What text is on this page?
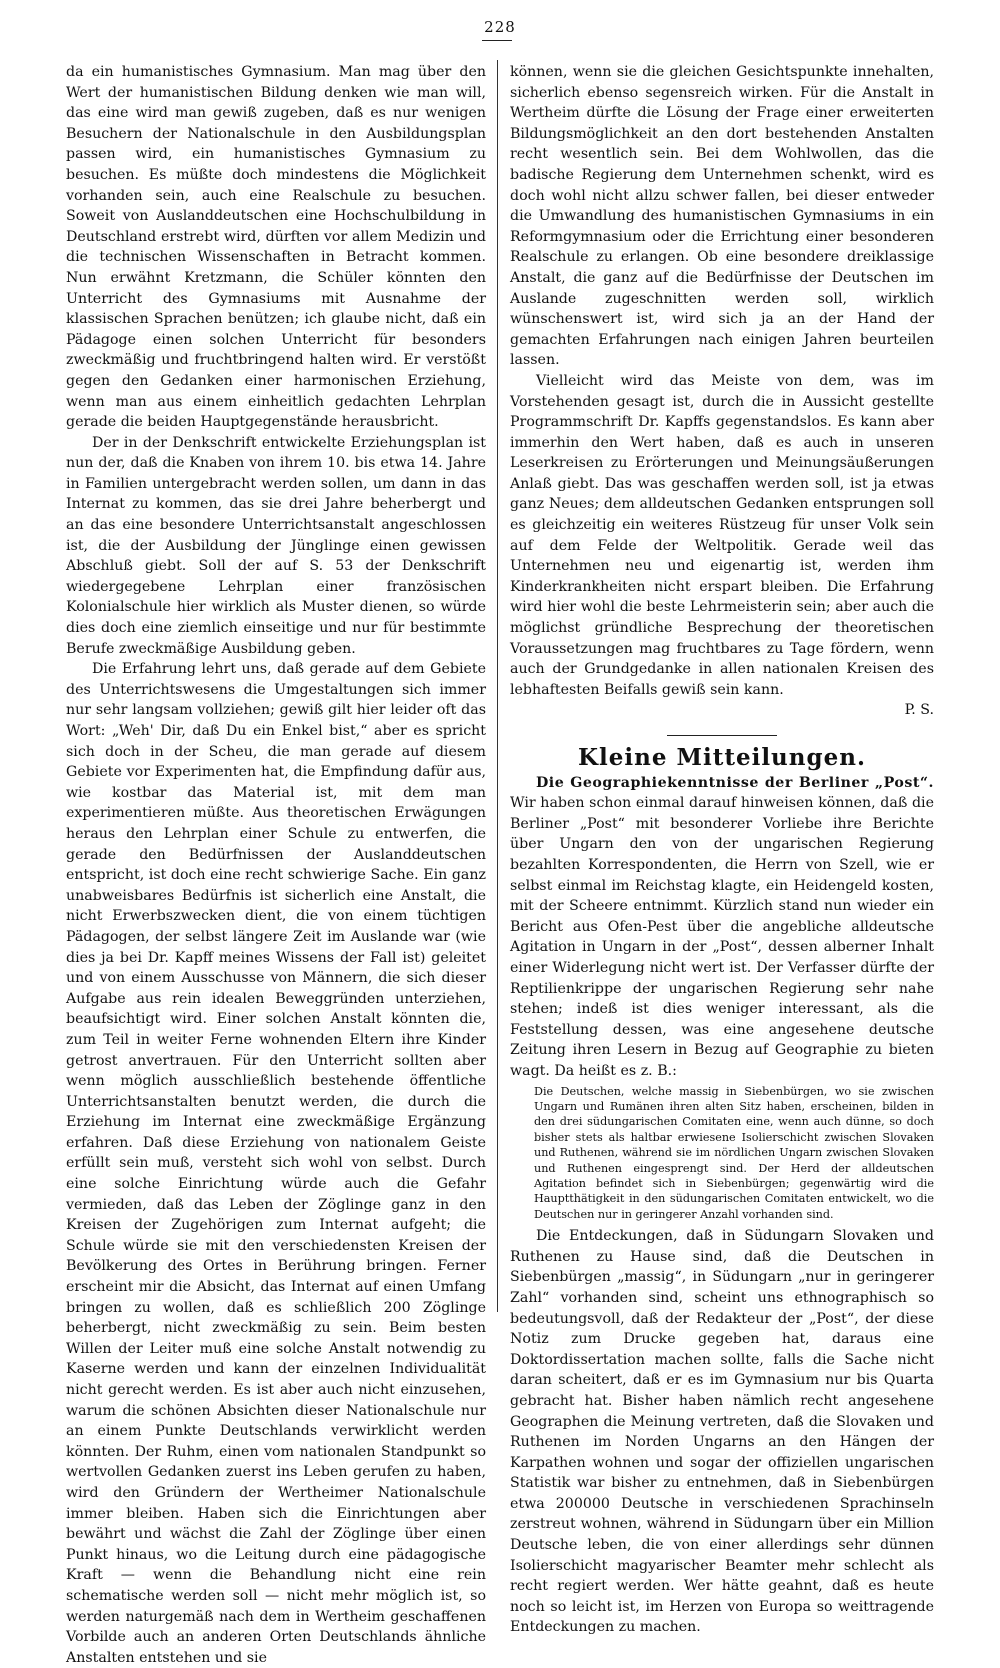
228

da ein humanistisches Gymnasium. Man mag über den Wert der humanistischen Bildung denken wie man will, das eine wird man gewiß zugeben, daß es nur wenigen Besuchern der Nationalschule in den Ausbildungsplan passen wird, ein humanistisches Gymnasium zu besuchen. Es müßte doch mindestens die Möglichkeit vorhanden sein, auch eine Realschule zu besuchen. Soweit von Auslanddeutschen eine Hochschulbildung in Deutschland erstrebt wird, dürften vor allem Medizin und die technischen Wissenschaften in Betracht kommen. Nun erwähnt Kretzmann, die Schüler könnten den Unterricht des Gymnasiums mit Ausnahme der klassischen Sprachen benützen; ich glaube nicht, daß ein Pädagoge einen solchen Unterricht für besonders zweckmäßig und fruchtbringend halten wird. Er verstößt gegen den Gedanken einer harmonischen Erziehung, wenn man aus einem einheitlich gedachten Lehrplan gerade die beiden Hauptgegenstände herausbricht.

Der in der Denkschrift entwickelte Erziehungsplan ist nun der, daß die Knaben von ihrem 10. bis etwa 14. Jahre in Familien untergebracht werden sollen, um dann in das Internat zu kommen, das sie drei Jahre beherbergt und an das eine besondere Unterrichtsanstalt angeschlossen ist, die der Ausbildung der Jünglinge einen gewissen Abschluß giebt. Soll der auf S. 53 der Denkschrift wiedergegebene Lehrplan einer französischen Kolonialschule hier wirklich als Muster dienen, so würde dies doch eine ziemlich einseitige und nur für bestimmte Berufe zweckmäßige Ausbildung geben.

Die Erfahrung lehrt uns, daß gerade auf dem Gebiete des Unterrichtswesens die Umgestaltungen sich immer nur sehr langsam vollziehen; gewiß gilt hier leider oft das Wort: „Weh' Dir, daß Du ein Enkel bist,“ aber es spricht sich doch in der Scheu, die man gerade auf diesem Gebiete vor Experimenten hat, die Empfindung dafür aus, wie kostbar das Material ist, mit dem man experimentieren müßte. Aus theoretischen Erwägungen heraus den Lehrplan einer Schule zu entwerfen, die gerade den Bedürfnissen der Auslanddeutschen entspricht, ist doch eine recht schwierige Sache. Ein ganz unabweisbares Bedürfnis ist sicherlich eine Anstalt, die nicht Erwerbszwecken dient, die von einem tüchtigen Pädagogen, der selbst längere Zeit im Auslande war (wie dies ja bei Dr. Kapff meines Wissens der Fall ist) geleitet und von einem Ausschusse von Männern, die sich dieser Aufgabe aus rein idealen Beweggründen unterziehen, beaufsichtigt wird. Einer solchen Anstalt könnten die, zum Teil in weiter Ferne wohnenden Eltern ihre Kinder getrost anvertrauen. Für den Unterricht sollten aber wenn möglich ausschließlich bestehende öffentliche Unterrichtsanstalten benutzt werden, die durch die Erziehung im Internat eine zweckmäßige Ergänzung erfahren. Daß diese Erziehung von nationalem Geiste erfüllt sein muß, versteht sich wohl von selbst. Durch eine solche Einrichtung würde auch die Gefahr vermieden, daß das Leben der Zöglinge ganz in den Kreisen der Zugehörigen zum Internat aufgeht; die Schule würde sie mit den verschiedensten Kreisen der Bevölkerung des Ortes in Berührung bringen. Ferner erscheint mir die Absicht, das Internat auf einen Umfang bringen zu wollen, daß es schließlich 200 Zöglinge beherbergt, nicht zweckmäßig zu sein. Beim besten Willen der Leiter muß eine solche Anstalt notwendig zu Kaserne werden und kann der einzelnen Individualität nicht gerecht werden. Es ist aber auch nicht einzusehen, warum die schönen Absichten dieser Nationalschule nur an einem Punkte Deutschlands verwirklicht werden könnten. Der Ruhm, einen vom nationalen Standpunkt so wertvollen Gedanken zuerst ins Leben gerufen zu haben, wird den Gründern der Wertheimer Nationalschule immer bleiben. Haben sich die Einrichtungen aber bewährt und wächst die Zahl der Zöglinge über einen Punkt hinaus, wo die Leitung durch eine pädagogische Kraft — wenn die Behandlung nicht eine rein schematische werden soll — nicht mehr möglich ist, so werden naturgemäß nach dem in Wertheim geschaffenen Vorbilde auch an anderen Orten Deutschlands ähnliche Anstalten entstehen und sie

können, wenn sie die gleichen Gesichtspunkte innehalten, sicherlich ebenso segensreich wirken. Für die Anstalt in Wertheim dürfte die Lösung der Frage einer erweiterten Bildungsmöglichkeit an den dort bestehenden Anstalten recht wesentlich sein. Bei dem Wohlwollen, das die badische Regierung dem Unternehmen schenkt, wird es doch wohl nicht allzu schwer fallen, bei dieser entweder die Umwandlung des humanistischen Gymnasiums in ein Reformgymnasium oder die Errichtung einer besonderen Realschule zu erlangen. Ob eine besondere dreiklassige Anstalt, die ganz auf die Bedürfnisse der Deutschen im Auslande zugeschnitten werden soll, wirklich wünschenswert ist, wird sich ja an der Hand der gemachten Erfahrungen nach einigen Jahren beurteilen lassen.

Vielleicht wird das Meiste von dem, was im Vorstehenden gesagt ist, durch die in Aussicht gestellte Programmschrift Dr. Kapffs gegenstandslos. Es kann aber immerhin den Wert haben, daß es auch in unseren Leserkreisen zu Erörterungen und Meinungsäußerungen Anlaß giebt. Das was geschaffen werden soll, ist ja etwas ganz Neues; dem alldeutschen Gedanken entsprungen soll es gleichzeitig ein weiteres Rüstzeug für unser Volk sein auf dem Felde der Weltpolitik. Gerade weil das Unternehmen neu und eigenartig ist, werden ihm Kinderkrankheiten nicht erspart bleiben. Die Erfahrung wird hier wohl die beste Lehrmeisterin sein; aber auch die möglichst gründliche Besprechung der theoretischen Voraussetzungen mag fruchtbares zu Tage fördern, wenn auch der Grundgedanke in allen nationalen Kreisen des lebhaftesten Beifalls gewiß sein kann.

P. S.
Kleine Mitteilungen.

Die Geographiekenntnisse der Berliner „Post“. Wir haben schon einmal darauf hinweisen können, daß die Berliner „Post“ mit besonderer Vorliebe ihre Berichte über Ungarn den von der ungarischen Regierung bezahlten Korrespondenten, die Herrn von Szell, wie er selbst einmal im Reichstag klagte, ein Heidengeld kosten, mit der Scheere entnimmt. Kürzlich stand nun wieder ein Bericht aus Ofen-Pest über die angebliche alldeutsche Agitation in Ungarn in der „Post“, dessen alberner Inhalt einer Widerlegung nicht wert ist. Der Verfasser dürfte der Reptilienkrippe der ungarischen Regierung sehr nahe stehen; indeß ist dies weniger interessant, als die Feststellung dessen, was eine angesehene deutsche Zeitung ihren Lesern in Bezug auf Geographie zu bieten wagt. Da heißt es z. B.:

Die Deutschen, welche massig in Siebenbürgen, wo sie zwischen Ungarn und Rumänen ihren alten Sitz haben, erscheinen, bilden in den drei südungarischen Comitaten eine, wenn auch dünne, so doch bisher stets als haltbar erwiesene Isolierschicht zwischen Slovaken und Ruthenen, während sie im nördlichen Ungarn zwischen Slovaken und Ruthenen eingesprengt sind. Der Herd der alldeutschen Agitation befindet sich in Siebenbürgen; gegenwärtig wird die Hauptthätigkeit in den südungarischen Comitaten entwickelt, wo die Deutschen nur in geringerer Anzahl vorhanden sind.

Die Entdeckungen, daß in Südungarn Slovaken und Ruthenen zu Hause sind, daß die Deutschen in Siebenbürgen „massig“, in Südungarn „nur in geringerer Zahl“ vorhanden sind, scheint uns ethnographisch so bedeutungsvoll, daß der Redakteur der „Post“, der diese Notiz zum Drucke gegeben hat, daraus eine Doktordissertation machen sollte, falls die Sache nicht daran scheitert, daß er es im Gymnasium nur bis Quarta gebracht hat. Bisher haben nämlich recht angesehene Geographen die Meinung vertreten, daß die Slovaken und Ruthenen im Norden Ungarns an den Hängen der Karpathen wohnen und sogar der offiziellen ungarischen Statistik war bisher zu entnehmen, daß in Siebenbürgen etwa 200000 Deutsche in verschiedenen Sprachinseln zerstreut wohnen, während in Südungarn über ein Million Deutsche leben, die von einer allerdings sehr dünnen Isolierschicht magyarischer Beamter mehr schlecht als recht regiert werden. Wer hätte geahnt, daß es heute noch so leicht ist, im Herzen von Europa so weittragende Entdeckungen zu machen.
